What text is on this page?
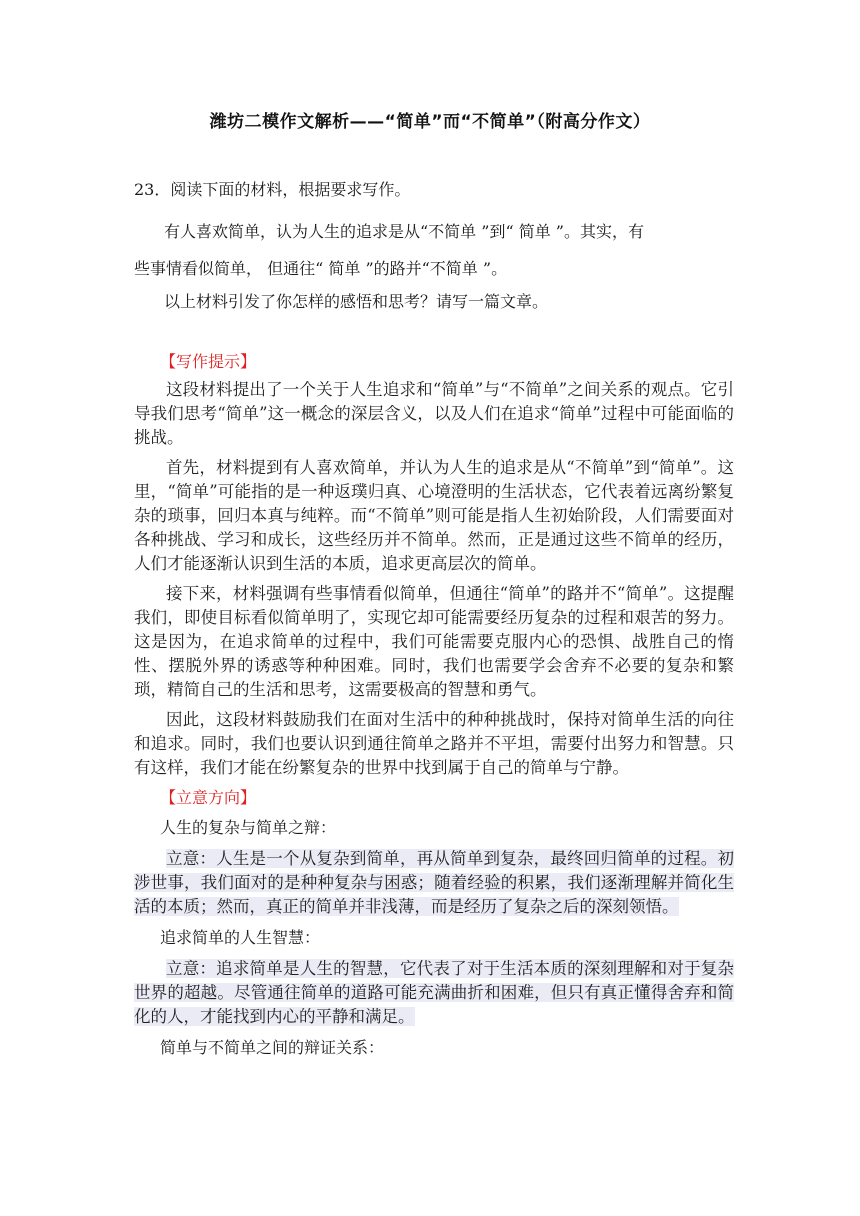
潍坊二模作文解析——“简单”而“不简单”（附高分作文）
23．阅读下面的材料，根据要求写作。
有人喜欢简单，认为人生的追求是从“不简单 ”到“ 简单 ”。其实，有
些事情看似简单， 但通往“ 简单 ”的路并“不简单 ”。
以上材料引发了你怎样的感悟和思考？请写一篇文章。
【写作提示】

这段材料提出了一个关于人生追求和“简单”与“不简单”之间关系的观点。它引导我们思考“简单”这一概念的深层含义，以及人们在追求“简单”过程中可能面临的挑战。

首先，材料提到有人喜欢简单，并认为人生的追求是从“不简单”到“简单”。这里，“简单”可能指的是一种返璞归真、心境澄明的生活状态，它代表着远离纷繁复杂的琐事，回归本真与纯粹。而“不简单”则可能是指人生初始阶段，人们需要面对各种挑战、学习和成长，这些经历并不简单。然而，正是通过这些不简单的经历，人们才能逐渐认识到生活的本质，追求更高层次的简单。

接下来，材料强调有些事情看似简单，但通往“简单”的路并不“简单”。这提醒我们，即使目标看似简单明了，实现它却可能需要经历复杂的过程和艰苦的努力。这是因为，在追求简单的过程中，我们可能需要克服内心的恐惧、战胜自己的惰性、摆脱外界的诱惑等种种困难。同时，我们也需要学会舍弃不必要的复杂和繁琐，精简自己的生活和思考，这需要极高的智慧和勇气。

因此，这段材料鼓励我们在面对生活中的种种挑战时，保持对简单生活的向往和追求。同时，我们也要认识到通往简单之路并不平坦，需要付出努力和智慧。只有这样，我们才能在纷繁复杂的世界中找到属于自己的简单与宁静。

【立意方向】
人生的复杂与简单之辩：

立意：人生是一个从复杂到简单，再从简单到复杂，最终回归简单的过程。初涉世事，我们面对的是种种复杂与困惑；随着经验的积累，我们逐渐理解并简化生活的本质；然而，真正的简单并非浅薄，而是经历了复杂之后的深刻领悟。

追求简单的人生智慧：

立意：追求简单是人生的智慧，它代表了对于生活本质的深刻理解和对于复杂世界的超越。尽管通往简单的道路可能充满曲折和困难，但只有真正懂得舍弃和简化的人，才能找到内心的平静和满足。

简单与不简单之间的辩证关系：
